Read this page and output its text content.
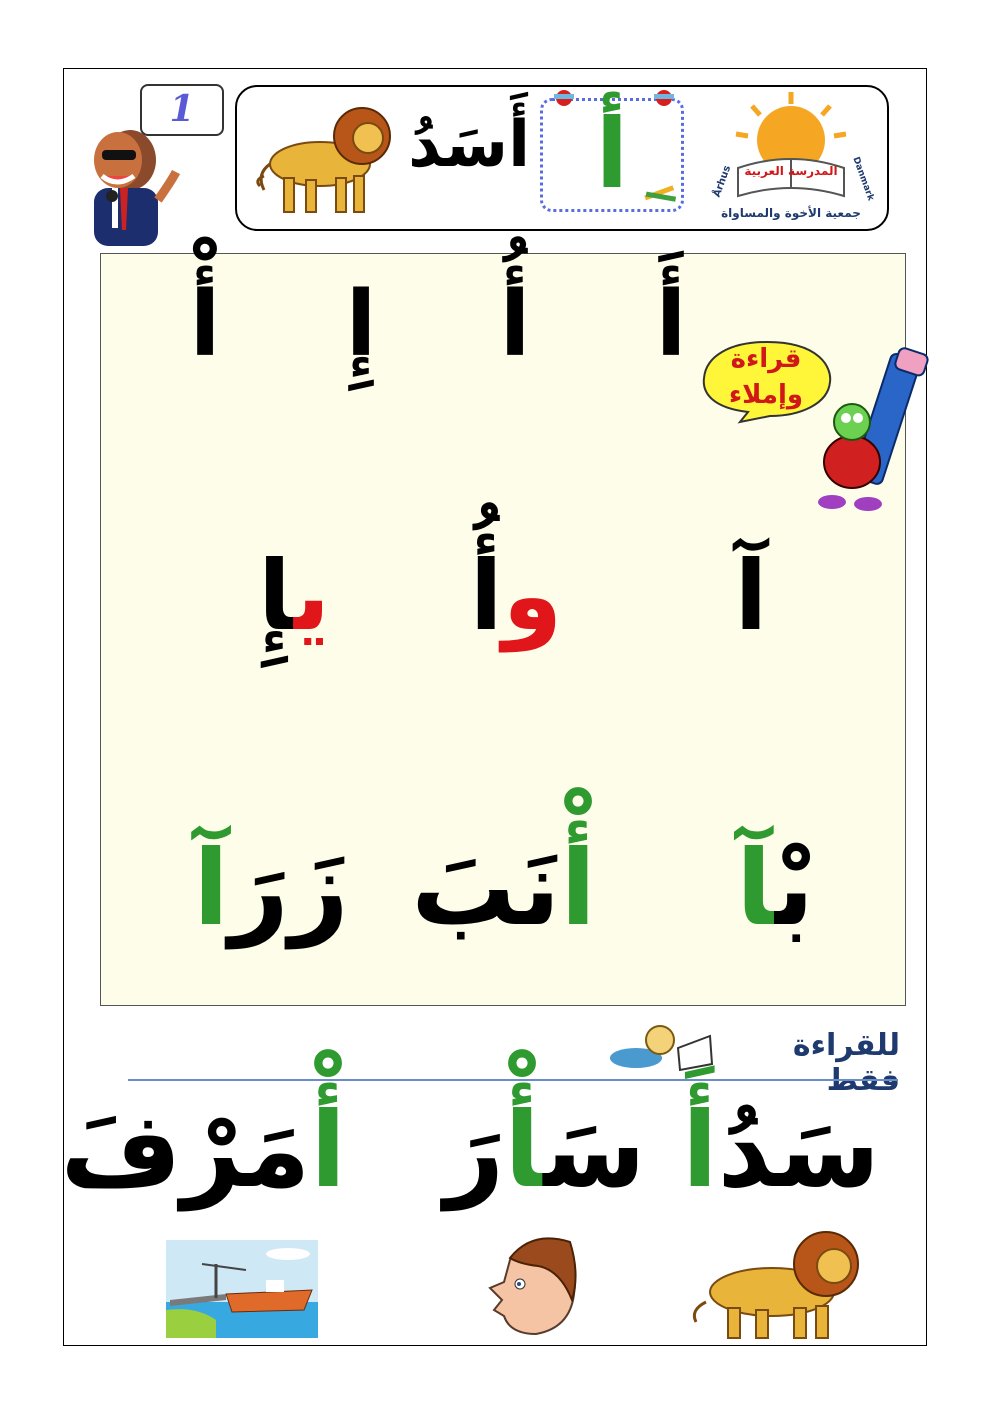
1	أَسَدُ أ	المدرسة العربية
Århus	Danmark
جمعية الأخوة والمساواة
أَ
أُ
إِ
أْ	قراءة
وإملاء
آ
وأُ
يإِ
بْآ
أْنَبَ
زَرَآ
للقراءة فقط
سَدُأَ
سَأْرَ
أْمَرْفَ
